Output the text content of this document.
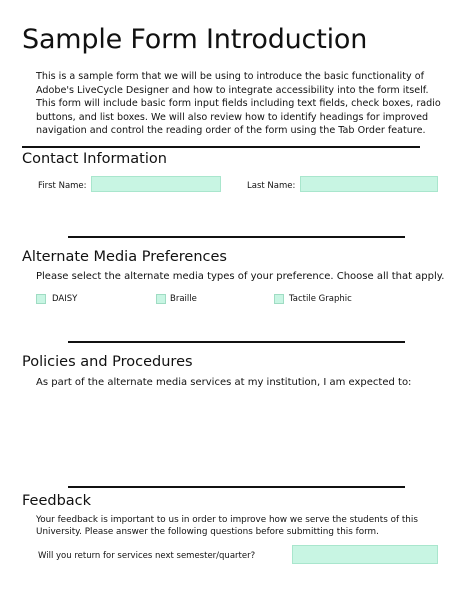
Sample Form Introduction
This is a sample form that we will be using to introduce the basic functionality of Adobe's LiveCycle Designer and how to integrate accessibility into the form itself. This form will include basic form input fields including text fields, check boxes, radio buttons, and list boxes. We will also review how to identify headings for improved navigation and control the reading order of the form using the Tab Order feature.
Contact Information
First Name:	Last Name:
Alternate Media Preferences
Please select the alternate media types of your preference. Choose all that apply.
DAISY	Braille	Tactile Graphic
Policies and Procedures
As part of the alternate media services at my institution, I am expected to:
Feedback
Your feedback is important to us in order to improve how we serve the students of this University. Please answer the following questions before submitting this form.
Will you return for services next semester/quarter?
